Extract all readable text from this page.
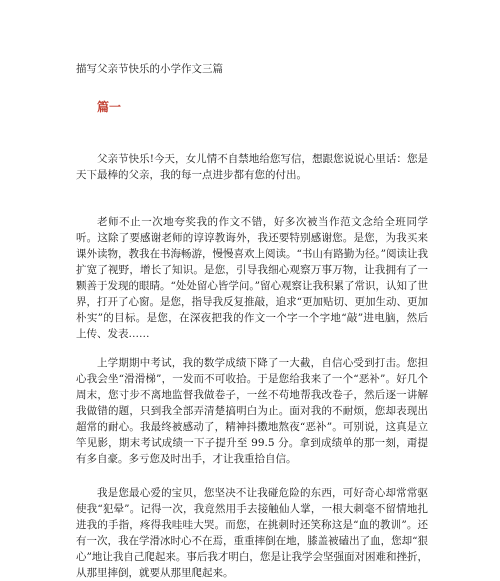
描写父亲节快乐的小学作文三篇
篇一

父亲节快乐!今天，女儿情不自禁地给您写信，想跟您说说心里话：您是天下最棒的父亲，我的每一点进步都有您的付出。

老师不止一次地夸奖我的作文不错，好多次被当作范文念给全班同学听。这除了要感谢老师的谆谆教诲外，我还要特别感谢您。是您，为我买来课外读物，教我在书海畅游，慢慢喜欢上阅读。“书山有路勤为径。”阅读让我扩宽了视野，增长了知识。是您，引导我细心观察万事万物，让我拥有了一颗善于发现的眼睛。“处处留心皆学问。”留心观察让我积累了常识，认知了世界，打开了心窗。是您，指导我反复推敲，追求“更加贴切、更加生动、更加朴实”的目标。是您，在深夜把我的作文一个字一个字地“敲”进电脑，然后上传、发表……

上学期期中考试，我的数学成绩下降了一大截，自信心受到打击。您担心我会坐“滑滑梯”，一发而不可收拾。于是您给我来了一个“恶补”。好几个周末，您寸步不离地监督我做卷子，一丝不苟地帮我改卷子，然后逐一讲解我做错的题，只到我全部弄清楚搞明白为止。面对我的不耐烦，您却表现出超常的耐心。我最终被感动了，精神抖擞地熬夜“恶补”。可别说，这真是立竿见影，期末考试成绩一下子提升至 99.5 分。拿到成绩单的那一刻，甭提有多自豪。多亏您及时出手，才让我重拾自信。

我是您最心爱的宝贝，您坚决不让我碰危险的东西，可好奇心却常常驱使我“犯晕”。记得一次，我竟然用手去接触仙人掌，一根大刺毫不留情地扎进我的手指，疼得我哇哇大哭。而您，在挑刺时还笑称这是“血的教训”。还有一次，我在学滑冰时心不在焉，重重摔倒在地，膝盖被磕出了血，您却“狠心”地让我自己爬起来。事后我才明白，您是让我学会坚强面对困难和挫折，从那里摔倒，就要从那里爬起来。
